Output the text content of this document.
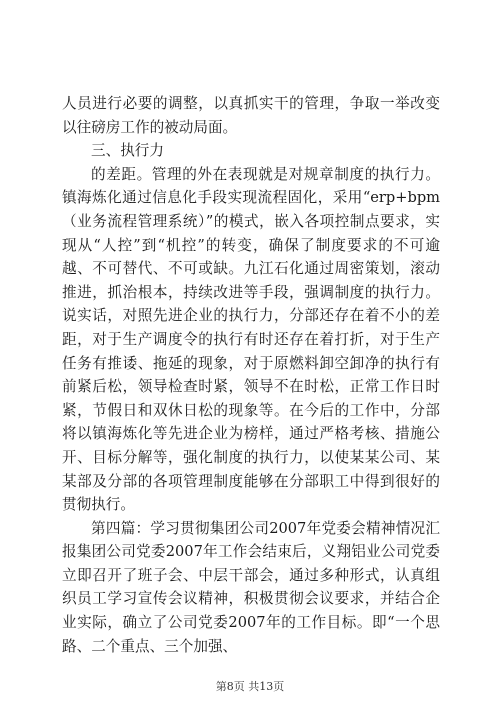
人员进行必要的调整，以真抓实干的管理，争取一举改变以往磅房工作的被动局面。

三、执行力

的差距。管理的外在表现就是对规章制度的执行力。镇海炼化通过信息化手段实现流程固化，采用“erp+bpm（业务流程管理系统）”的模式，嵌入各项控制点要求，实现从“人控”到“机控”的转变，确保了制度要求的不可逾越、不可替代、不可或缺。九江石化通过周密策划，滚动推进，抓治根本，持续改进等手段，强调制度的执行力。说实话，对照先进企业的执行力，分部还存在着不小的差距，对于生产调度令的执行有时还存在着打折，对于生产任务有推诿、拖延的现象，对于原燃料卸空卸净的执行有前紧后松，领导检查时紧，领导不在时松，正常工作日时紧，节假日和双休日松的现象等。在今后的工作中，分部将以镇海炼化等先进企业为榜样，通过严格考核、措施公开、目标分解等，强化制度的执行力，以使某某公司、某某部及分部的各项管理制度能够在分部职工中得到很好的贯彻执行。

第四篇：学习贯彻集团公司2007年党委会精神情况汇报集团公司党委2007年工作会结束后，义翔铝业公司党委立即召开了班子会、中层干部会，通过多种形式，认真组织员工学习宣传会议精神，积极贯彻会议要求，并结合企业实际，确立了公司党委2007年的工作目标。即“一个思路、二个重点、三个加强、

第8页 共13页
